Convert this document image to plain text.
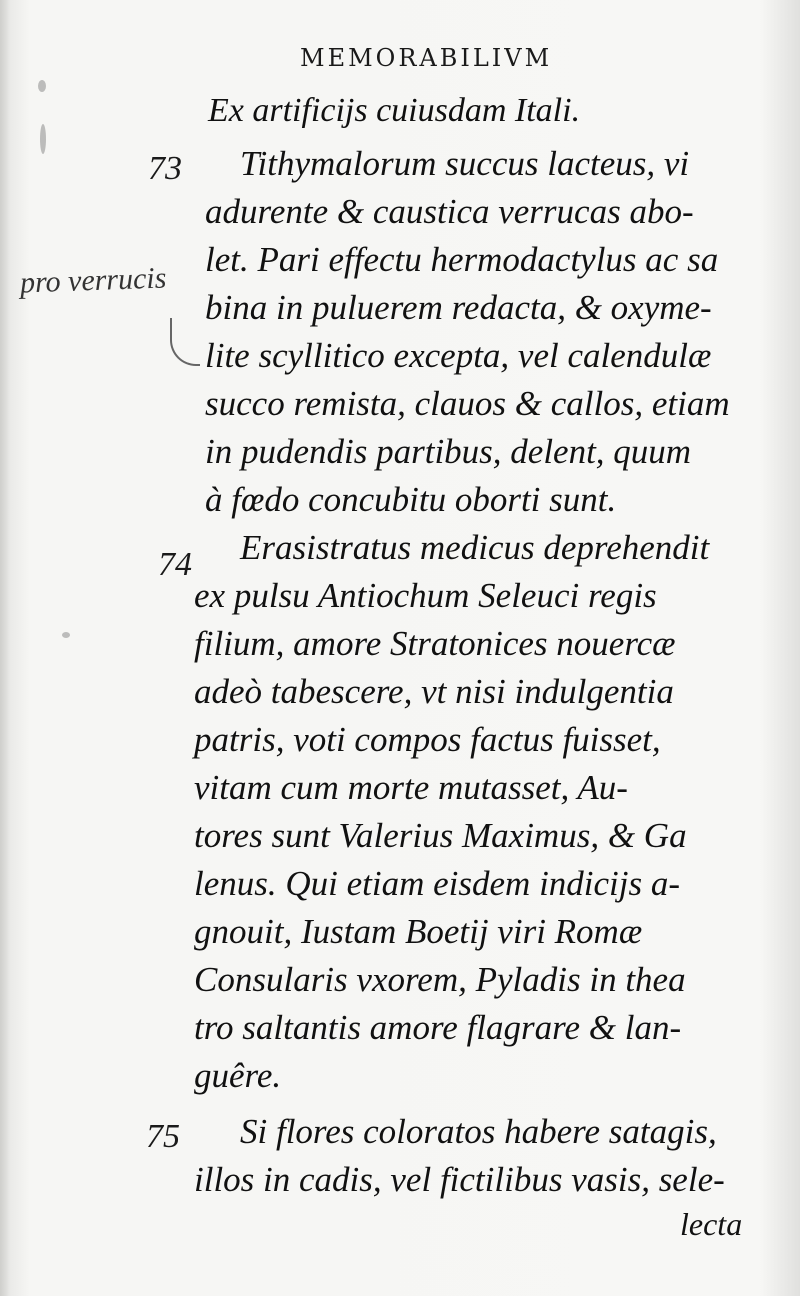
MEMORABILIVM
Ex artificijs cuiusdam Itali.
pro verrucis
73 Tithymalorum succus lacteus, vi
adurente & caustica verrucas abo-
let. Pari effectu hermodactylus ac sa
bina in puluerem redacta, & oxyme-
lite scyllitico excepta, vel calendulæ
succo remista, clauos & callos, etiam
in pudendis partibus, delent, quum
à fœdo concubitu oborti sunt.
74 Erasistratus medicus deprehendit
ex pulsu Antiochum Seleuci regis
filium, amore Stratonices nouercæ
adeò tabescere, vt nisi indulgentia
patris, voti compos factus fuisset,
vitam cum morte mutasset, Au-
tores sunt Valerius Maximus, & Ga
lenus. Qui etiam eisdem indicijs a-
gnouit, Iustam Boetij viri Romæ
Consularis vxorem, Pyladis in thea
tro saltantis amore flagrare & lan-
guêre.
75 Si flores coloratos habere satagis,
illos in cadis, vel fictilibus vasis, sele-
lecta
